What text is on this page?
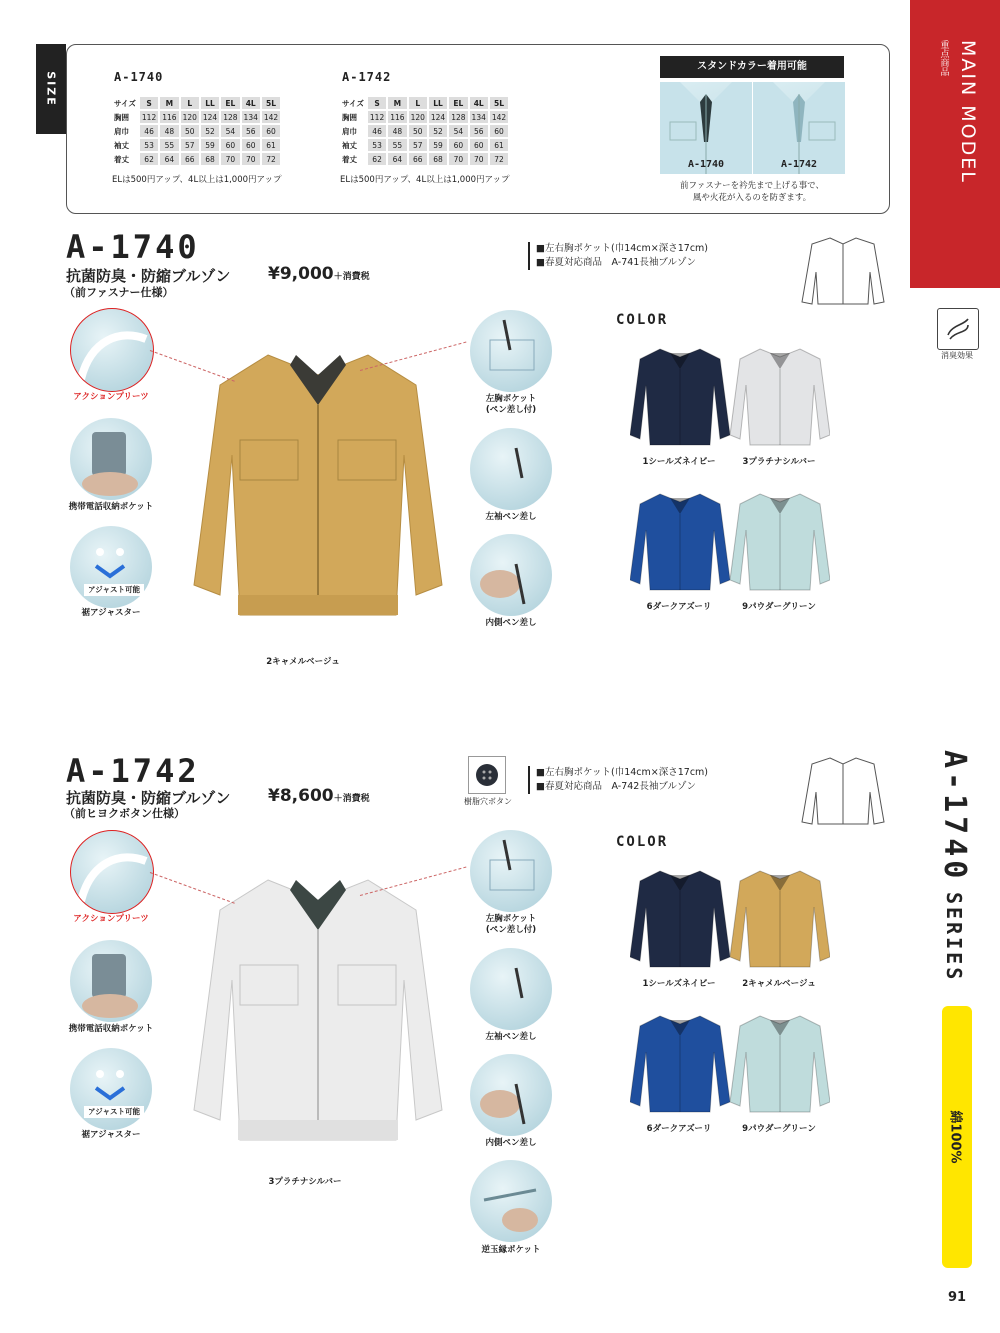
SIZE	A-1740
サイズ	S	M	L	LL	EL	4L	5L
胸囲	112	116	120	124	128	134	142
肩巾	46	48	50	52	54	56	60
袖丈	53	55	57	59	60	60	61
着丈	62	64	66	68	70	70	72
ELは500円アップ、4L以上は1,000円アップ
A-1742
サイズ	S	M	L	LL	EL	4L	5L
胸囲	112	116	120	124	128	134	142
肩巾	46	48	50	52	54	56	60
袖丈	53	55	57	59	60	60	61
着丈	62	64	66	68	70	70	72
ELは500円アップ、4L以上は1,000円アップ
スタンドカラー着用可能
A-1740	A-1742
前ファスナーを衿先まで上げる事で、
風や火花が入るのを防ぎます。
MAIN MODEL
重点商品
消臭効果
A-1740
SERIES
綿100%
91
A-1740
抗菌防臭・防縮ブルゾン
（前ファスナー仕様）
¥9,000＋消費税
■左右胸ポケット(巾14cm×深さ17cm)
■春夏対応商品　A-741長袖ブルゾン
アクションプリーツ
携帯電話収納ポケット
アジャスト可能
裾アジャスター
2キャメルベージュ
左胸ポケット
(ペン差し付)
左袖ペン差し
内側ペン差し
COLOR
1シールズネイビー	3プラチナシルバー
6ダークアズーリ	9パウダーグリーン
A-1742
抗菌防臭・防縮ブルゾン
（前ヒヨクボタン仕様）
¥8,600＋消費税	樹脂穴ボタン
■左右胸ポケット(巾14cm×深さ17cm)
■春夏対応商品　A-742長袖ブルゾン
アクションプリーツ
携帯電話収納ポケット
アジャスト可能
裾アジャスター
3プラチナシルバー
左胸ポケット
(ペン差し付)
左袖ペン差し
内側ペン差し
逆玉縁ポケット
COLOR
1シールズネイビー	2キャメルベージュ
6ダークアズーリ	9パウダーグリーン
